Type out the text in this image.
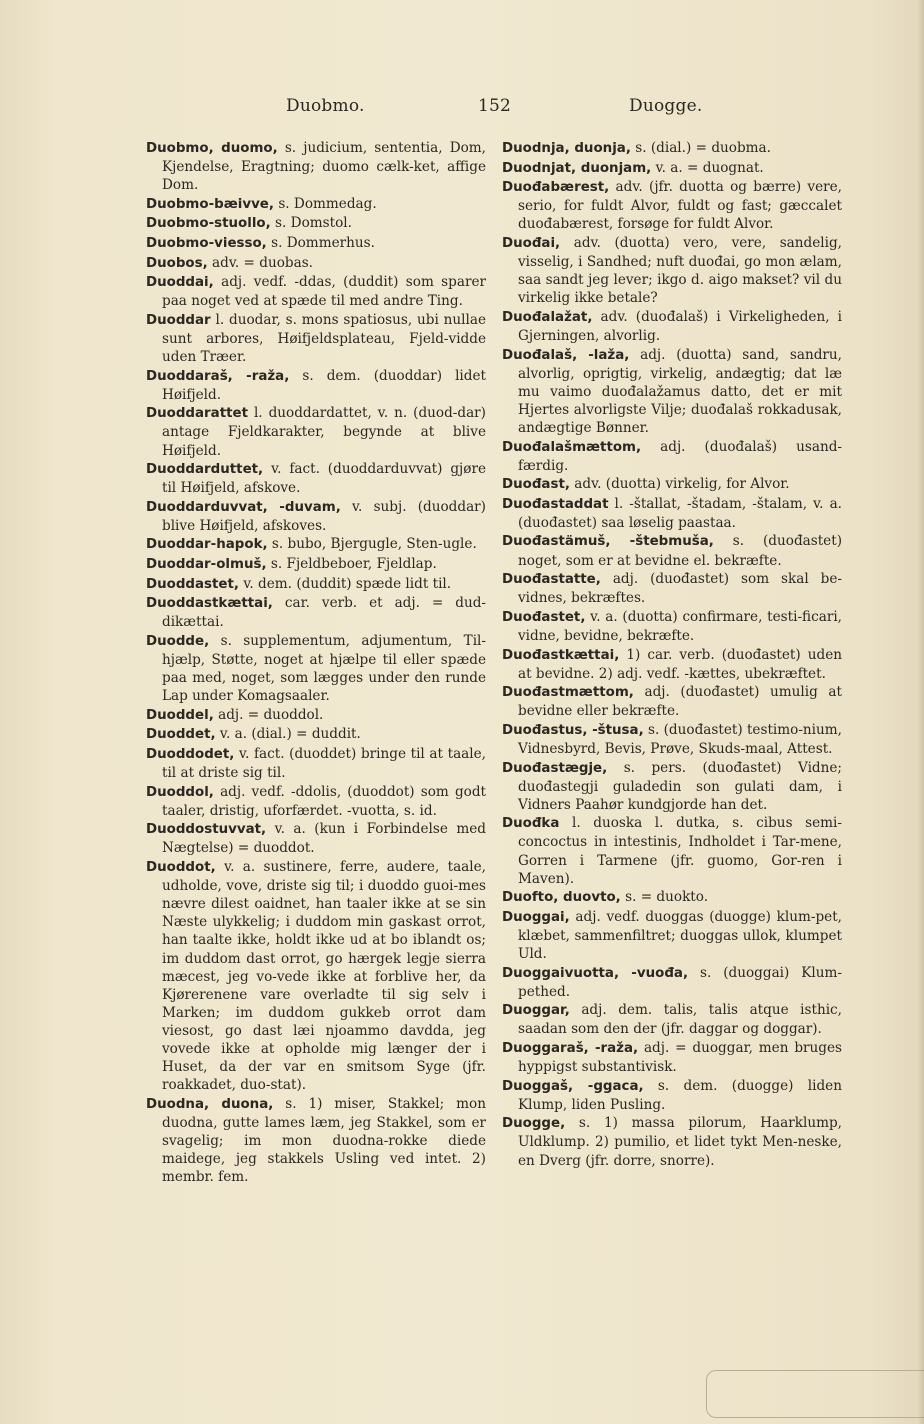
Duobmo.	152	Duogge.
Duobmo, duomo, s. judicium, sententia, Dom, Kjendelse, Eragtning; duomo cælk-ket, affige Dom.
Duobmo-bæivve, s. Dommedag.
Duobmo-stuollo, s. Domstol.
Duobmo-viesso, s. Dommerhus.
Duobos, adv. = duobas.
Duoddai, adj. vedf. -ddas, (duddit) som sparer paa noget ved at spæde til med andre Ting.
Duoddar l. duodar, s. mons spatiosus, ubi nullae sunt arbores, Høifjeldsplateau, Fjeld-vidde uden Træer.
Duoddaraš, -raža, s. dem. (duoddar) lidet Høifjeld.
Duoddarattet l. duoddardattet, v. n. (duod-dar) antage Fjeldkarakter, begynde at blive Høifjeld.
Duoddarduttet, v. fact. (duoddarduvvat) gjøre til Høifjeld, afskove.
Duoddarduvvat, -duvam, v. subj. (duoddar) blive Høifjeld, afskoves.
Duoddar-hapok, s. bubo, Bjergugle, Sten-ugle.
Duoddar-olmuš, s. Fjeldbeboer, Fjeldlap.
Duoddastet, v. dem. (duddit) spæde lidt til.
Duoddastkættai, car. verb. et adj. = dud-dikættai.
Duodde, s. supplementum, adjumentum, Til-hjælp, Støtte, noget at hjælpe til eller spæde paa med, noget, som lægges under den runde Lap under Komagsaaler.
Duoddel, adj. = duoddol.
Duoddet, v. a. (dial.) = duddit.
Duoddodet, v. fact. (duoddet) bringe til at taale, til at driste sig til.
Duoddol, adj. vedf. -ddolis, (duoddot) som godt taaler, dristig, uforfærdet. -vuotta, s. id.
Duoddostuvvat, v. a. (kun i Forbindelse med Nægtelse) = duoddot.
Duoddot, v. a. sustinere, ferre, audere, taale, udholde, vove, driste sig til; i duoddo guoi-mes nævre dilest oaidnet, han taaler ikke at se sin Næste ulykkelig; i duddom min gaskast orrot, han taalte ikke, holdt ikke ud at bo iblandt os; im duddom dast orrot, go hærgek legje sierra mæcest, jeg vo-vede ikke at forblive her, da Kjørerenene vare overladte til sig selv i Marken; im duddom gukkeb orrot dam viesost, go dast læi njoammo davdda, jeg vovede ikke at opholde mig længer der i Huset, da der var en smitsom Syge (jfr. roakkadet, duo-stat).
Duodna, duona, s. 1) miser, Stakkel; mon duodna, gutte lames læm, jeg Stakkel, som er svagelig; im mon duodna-rokke diede maidege, jeg stakkels Usling ved intet. 2) membr. fem.
Duodnja, duonja, s. (dial.) = duobma.
Duodnjat, duonjam, v. a. = duognat.
Duođabærest, adv. (jfr. duotta og bærre) vere, serio, for fuldt Alvor, fuldt og fast; gæccalet duođabærest, forsøge for fuldt Alvor.
Duođai, adv. (duotta) vero, vere, sandelig, visselig, i Sandhed; nuft duođai, go mon ælam, saa sandt jeg lever; ikgo d. aigo makset? vil du virkelig ikke betale?
Duođalažat, adv. (duođalaš) i Virkeligheden, i Gjerningen, alvorlig.
Duođalaš, -laža, adj. (duotta) sand, sandru, alvorlig, oprigtig, virkelig, andægtig; dat læ mu vaimo duođalažamus datto, det er mit Hjertes alvorligste Vilje; duođalaš rokkadusak, andægtige Bønner.
Duođalašmættom, adj. (duođalaš) usand-færdig.
Duođast, adv. (duotta) virkelig, for Alvor.
Duođastaddat l. -štallat, -štadam, -štalam, v. a. (duođastet) saa løselig paastaa.
Duođastämuš, -štebmuša, s. (duođastet) noget, som er at bevidne el. bekræfte.
Duođastatte, adj. (duođastet) som skal be-vidnes, bekræftes.
Duođastet, v. a. (duotta) confirmare, testi-ficari, vidne, bevidne, bekræfte.
Duođastkættai, 1) car. verb. (duođastet) uden at bevidne. 2) adj. vedf. -kættes, ubekræftet.
Duođastmættom, adj. (duođastet) umulig at bevidne eller bekræfte.
Duođastus, -štusa, s. (duođastet) testimo-nium, Vidnesbyrd, Bevis, Prøve, Skuds-maal, Attest.
Duođastægje, s. pers. (duođastet) Vidne; duođastegji guladedin son gulati dam, i Vidners Paahør kundgjorde han det.
Duođka l. duoska l. dutka, s. cibus semi-concoctus in intestinis, Indholdet i Tar-mene, Gorren i Tarmene (jfr. guomo, Gor-ren i Maven).
Duofto, duovto, s. = duokto.
Duoggai, adj. vedf. duoggas (duogge) klum-pet, klæbet, sammenfiltret; duoggas ullok, klumpet Uld.
Duoggaivuotta, -vuođa, s. (duoggai) Klum-pethed.
Duoggar, adj. dem. talis, talis atque isthic, saadan som den der (jfr. daggar og doggar).
Duoggaraš, -raža, adj. = duoggar, men bruges hyppigst substantivisk.
Duoggaš, -ggaca, s. dem. (duogge) liden Klump, liden Pusling.
Duogge, s. 1) massa pilorum, Haarklump, Uldklump. 2) pumilio, et lidet tykt Men-neske, en Dverg (jfr. dorre, snorre).
